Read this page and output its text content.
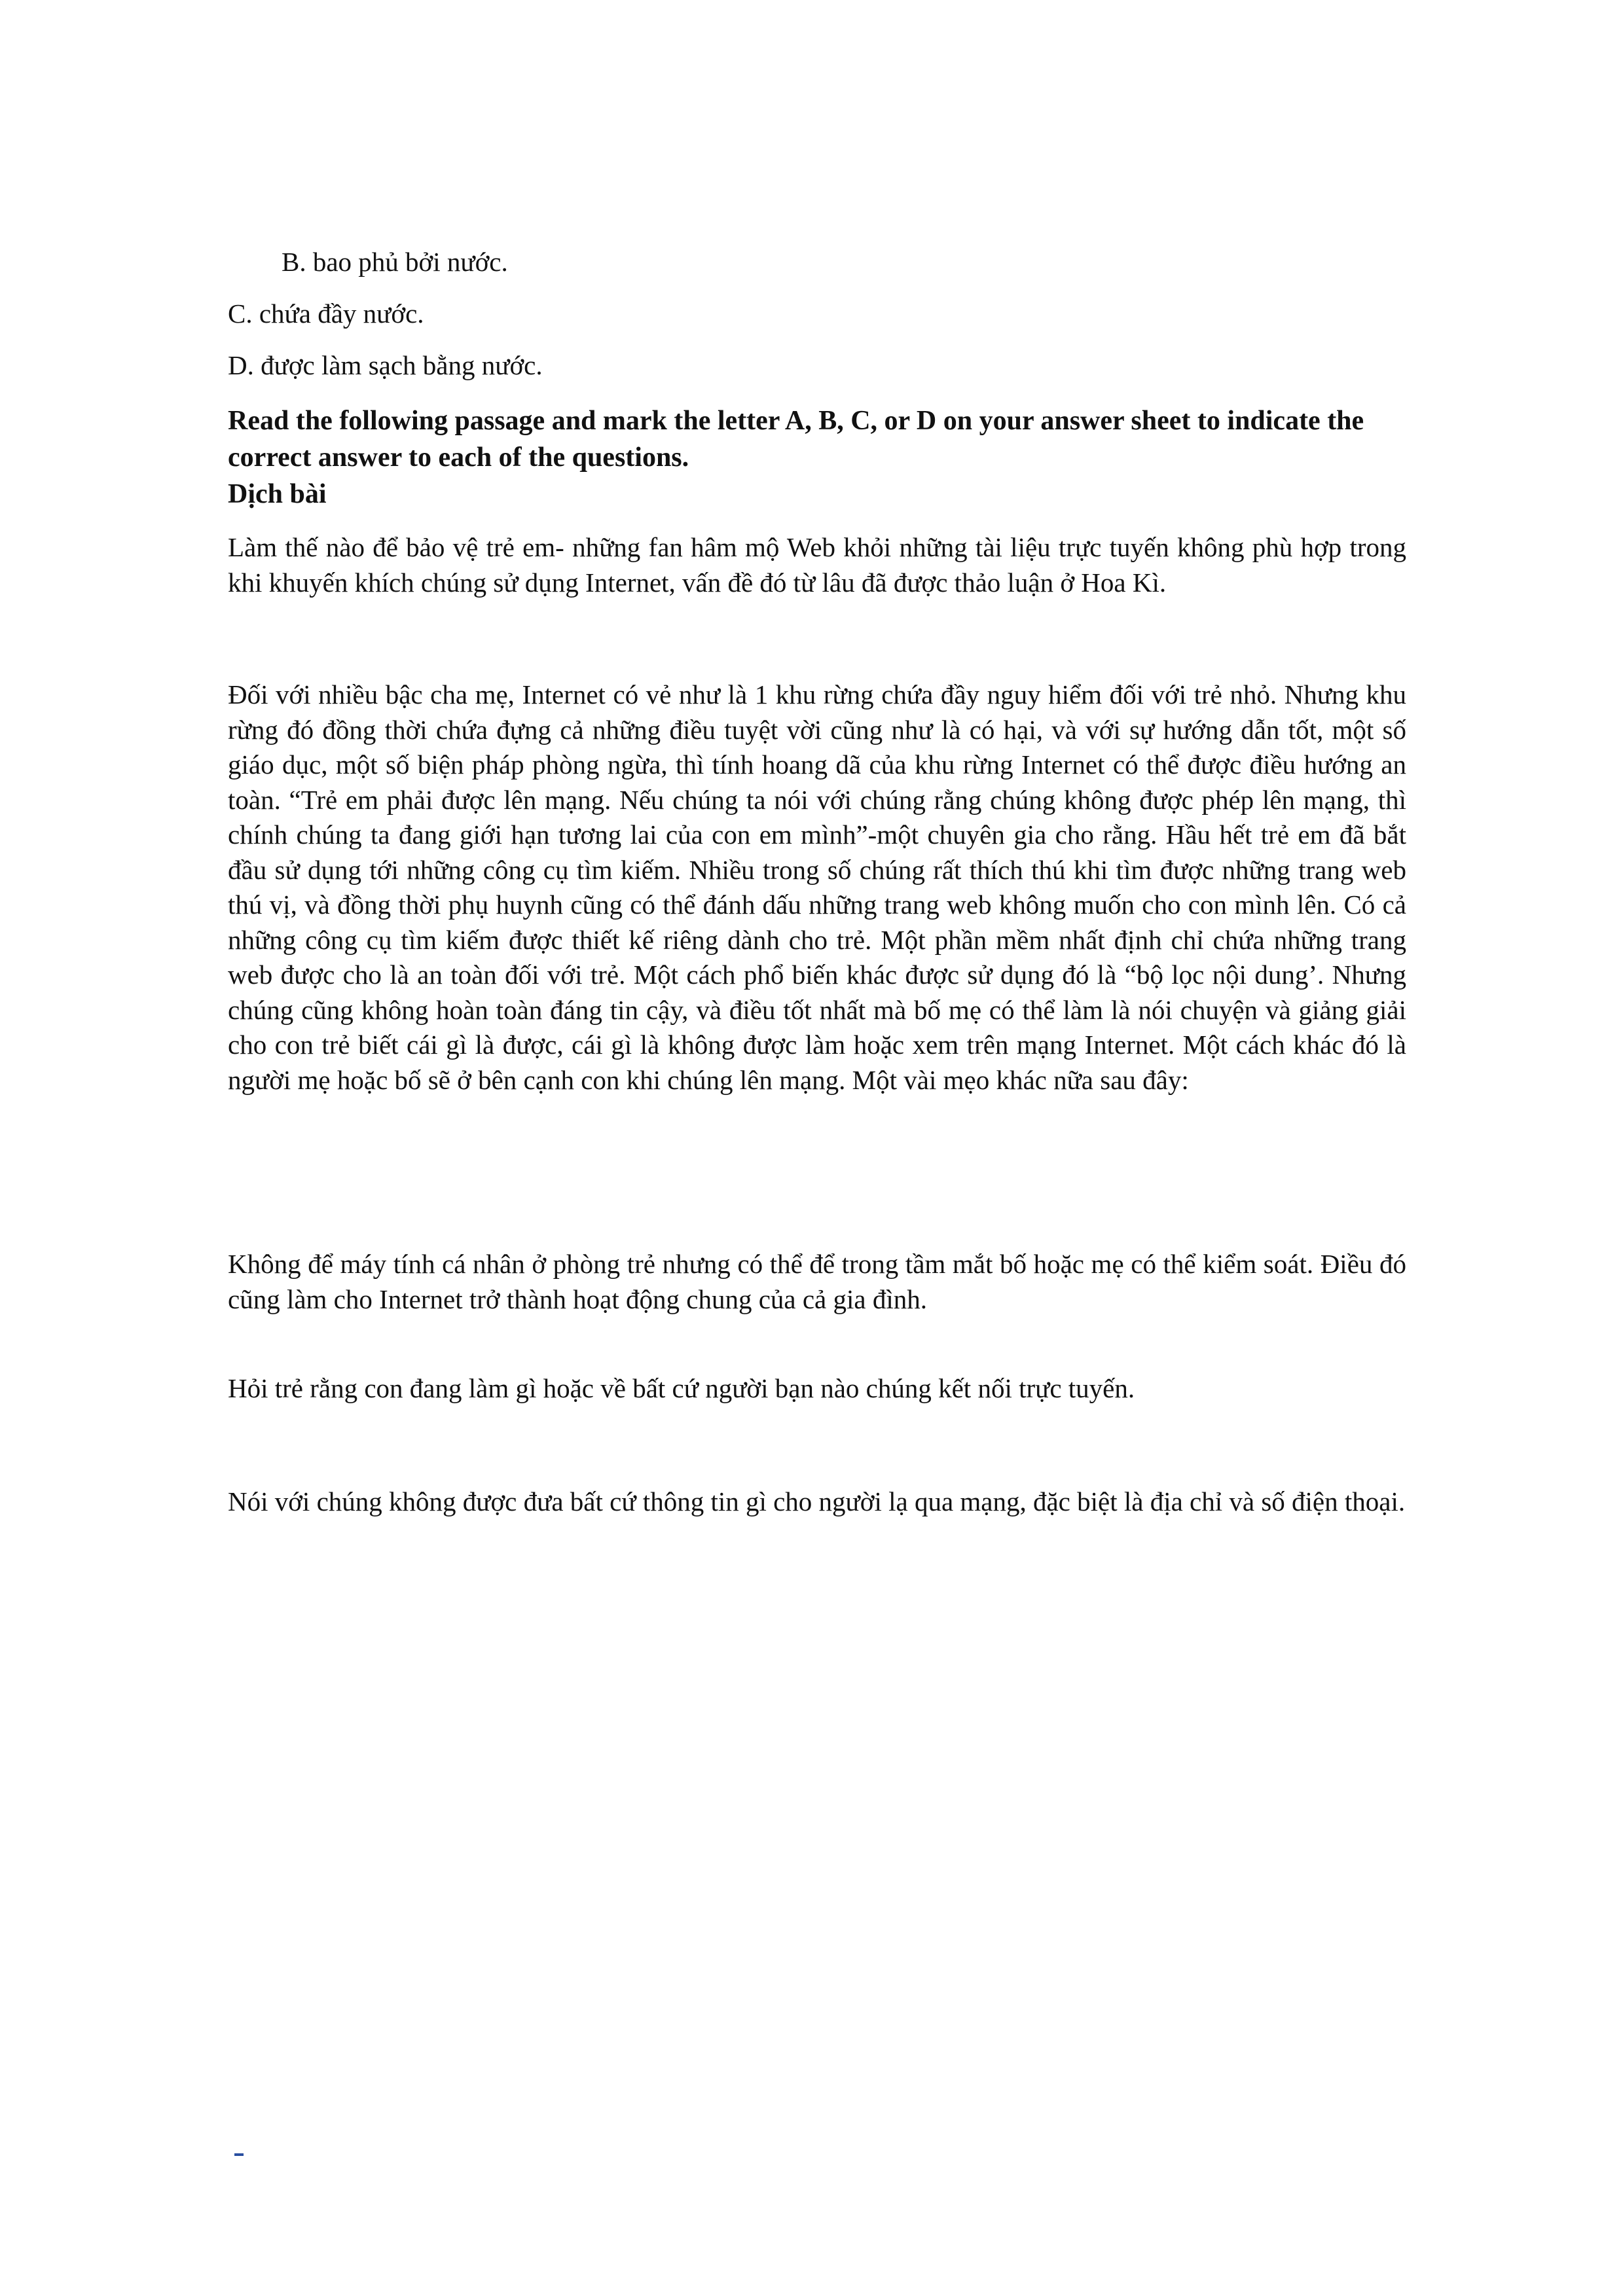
B. bao phủ bởi nước.
C. chứa đầy nước.
D. được làm sạch bằng nước.
Read the following passage and mark the letter A, B, C, or D on your answer sheet to indicate the correct answer to each of the questions.
Dịch bài
Làm thế nào để bảo vệ trẻ em- những fan hâm mộ Web khỏi những tài liệu trực tuyến không phù hợp trong khi khuyến khích chúng sử dụng Internet, vấn đề đó từ lâu đã được thảo luận ở Hoa Kì.
Đối với nhiều bậc cha mẹ, Internet có vẻ như là 1 khu rừng chứa đầy nguy hiểm đối với trẻ nhỏ. Nhưng khu rừng đó đồng thời chứa đựng cả những điều tuyệt vời cũng như là có hại, và với sự hướng dẫn tốt, một số giáo dục, một số biện pháp phòng ngừa, thì tính hoang dã của khu rừng Internet có thể được điều hướng an toàn. “Trẻ em phải được lên mạng. Nếu chúng ta nói với chúng rằng chúng không được phép lên mạng, thì chính chúng ta đang giới hạn tương lai của con em mình”-một chuyên gia cho rằng. Hầu hết trẻ em đã bắt đầu sử dụng tới những công cụ tìm kiếm. Nhiều trong số chúng rất thích thú khi tìm được những trang web thú vị, và đồng thời phụ huynh cũng có thể đánh dấu những trang web không muốn cho con mình lên. Có cả những công cụ tìm kiếm được thiết kế riêng dành cho trẻ. Một phần mềm nhất định chỉ chứa những trang web được cho là an toàn đối với trẻ. Một cách phổ biến khác được sử dụng đó là “bộ lọc nội dung’. Nhưng chúng cũng không hoàn toàn đáng tin cậy, và điều tốt nhất mà bố mẹ có thể làm là nói chuyện và giảng giải cho con trẻ biết cái gì là được, cái gì là không được làm hoặc xem trên mạng Internet. Một cách khác đó là người mẹ hoặc bố sẽ ở bên cạnh con khi chúng lên mạng. Một vài mẹo khác nữa sau đây:
Không để máy tính cá nhân ở phòng trẻ nhưng có thể để trong tầm mắt bố hoặc mẹ có thể kiểm soát. Điều đó cũng làm cho Internet trở thành hoạt động chung của cả gia đình.
Hỏi trẻ rằng con đang làm gì hoặc về bất cứ người bạn nào chúng kết nối trực tuyến.
Nói với chúng không được đưa bất cứ thông tin gì cho người lạ qua mạng, đặc biệt là địa chỉ và số điện thoại.
